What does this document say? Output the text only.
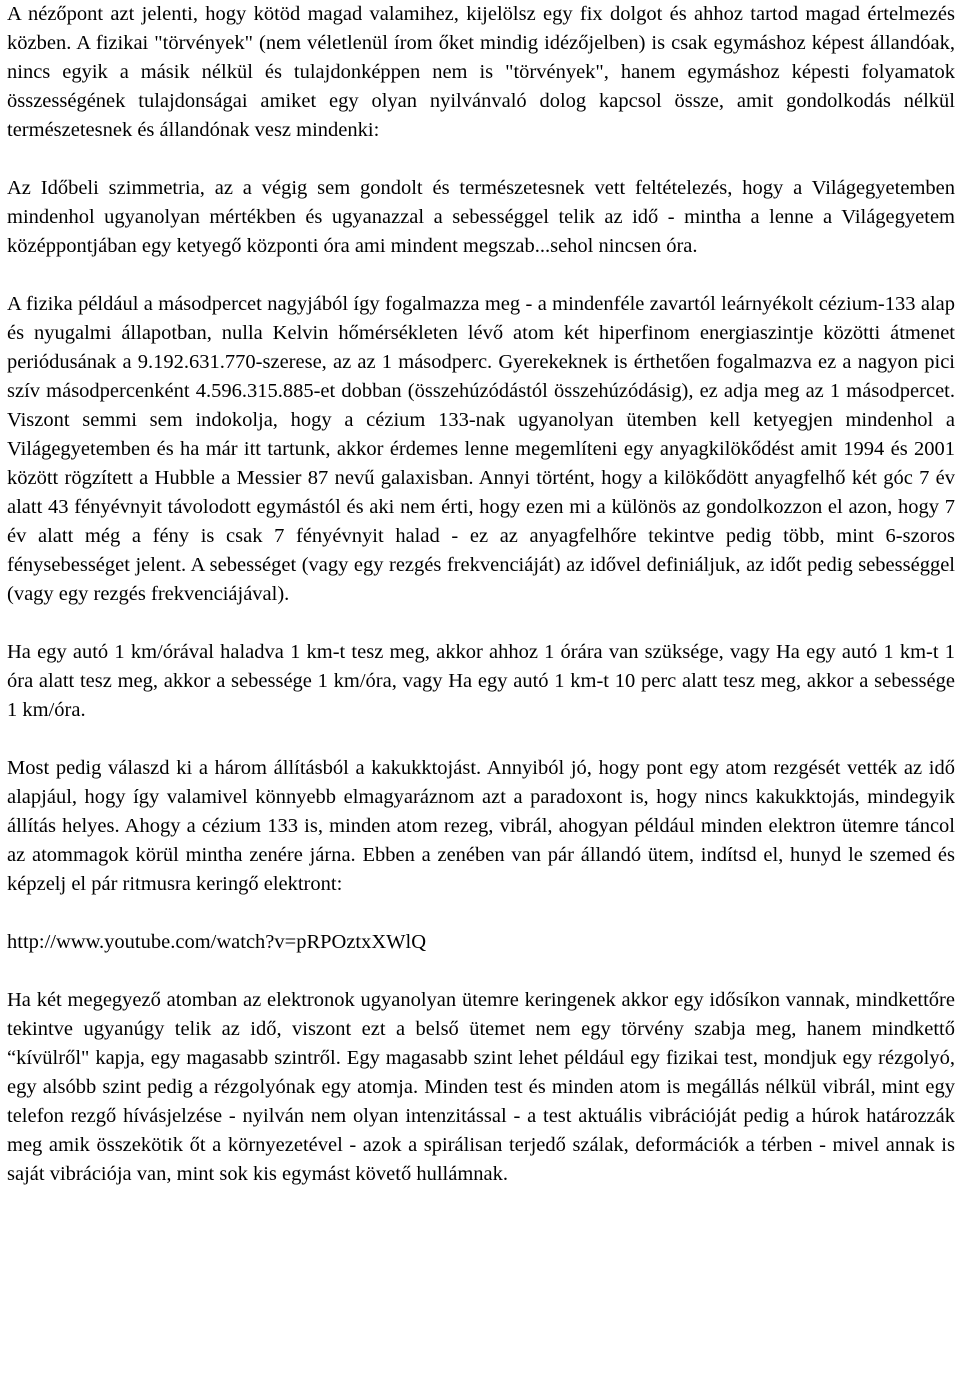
A nézőpont azt jelenti, hogy kötöd magad valamihez, kijelölsz egy fix dolgot és ahhoz tartod magad értelmezés közben. A fizikai "törvények" (nem véletlenül írom őket mindig idézőjelben) is csak egymáshoz képest állandóak, nincs egyik a másik nélkül és tulajdonképpen nem is "törvények", hanem egymáshoz képesti folyamatok összességének tulajdonságai amiket egy olyan nyilvánvaló dolog kapcsol össze, amit gondolkodás nélkül természetesnek és állandónak vesz mindenki:

Az Időbeli szimmetria, az a végig sem gondolt és természetesnek vett feltételezés, hogy a Világegyetemben mindenhol ugyanolyan mértékben és ugyanazzal a sebességgel telik az idő - mintha a lenne a Világegyetem középpontjában egy ketyegő központi óra ami mindent megszab...sehol nincsen óra.

A fizika például a másodpercet nagyjából így fogalmazza meg - a mindenféle zavartól leárnyékolt cézium-133 alap és nyugalmi állapotban, nulla Kelvin hőmérsékleten lévő atom két hiperfinom energiaszintje közötti átmenet periódusának a 9.192.631.770-szerese, az az 1 másodperc. Gyerekeknek is érthetően fogalmazva ez a nagyon pici szív másodpercenként 4.596.315.885-et dobban (összehúzódástól összehúzódásig), ez adja meg az 1 másodpercet. Viszont semmi sem indokolja, hogy a cézium 133-nak ugyanolyan ütemben kell ketyegjen mindenhol a Világegyetemben és ha már itt tartunk, akkor érdemes lenne megemlíteni egy anyagkilökődést amit 1994 és 2001 között rögzített a Hubble a Messier 87 nevű galaxisban. Annyi történt, hogy a kilökődött anyagfelhő két góc 7 év alatt 43 fényévnyit távolodott egymástól és aki nem érti, hogy ezen mi a különös az gondolkozzon el azon, hogy 7 év alatt még a fény is csak 7 fényévnyit halad - ez az anyagfelhőre tekintve pedig több, mint 6-szoros fénysebességet jelent. A sebességet (vagy egy rezgés frekvenciáját) az idővel definiáljuk, az időt pedig sebességgel (vagy egy rezgés frekvenciájával).

Ha egy autó 1 km/órával haladva 1 km-t tesz meg, akkor ahhoz 1 órára van szüksége, vagy Ha egy autó 1 km-t 1 óra alatt tesz meg, akkor a sebessége 1 km/óra, vagy Ha egy autó 1 km-t 10 perc alatt tesz meg, akkor a sebessége 1 km/óra.

Most pedig válaszd ki a három állításból a kakukktojást. Annyiból jó, hogy pont egy atom rezgését vették az idő alapjául, hogy így valamivel könnyebb elmagyaráznom azt a paradoxont is, hogy nincs kakukktojás, mindegyik állítás helyes. Ahogy a cézium 133 is, minden atom rezeg, vibrál, ahogyan például minden elektron ütemre táncol az atommagok körül mintha zenére járna. Ebben a zenében van pár állandó ütem, indítsd el, hunyd le szemed és képzelj el pár ritmusra keringő elektront:

http://www.youtube.com/watch?v=pRPOztxXWlQ

Ha két megegyező atomban az elektronok ugyanolyan ütemre keringenek akkor egy idősíkon vannak, mindkettőre tekintve ugyanúgy telik az idő, viszont ezt a belső ütemet nem egy törvény szabja meg, hanem mindkettő “kívülről" kapja, egy magasabb szintről. Egy magasabb szint lehet például egy fizikai test, mondjuk egy rézgolyó, egy alsóbb szint pedig a rézgolyónak egy atomja. Minden test és minden atom is megállás nélkül vibrál, mint egy telefon rezgő hívásjelzése - nyilván nem olyan intenzitással - a test aktuális vibrációját pedig a húrok határozzák meg amik összekötik őt a környezetével - azok a spirálisan terjedő szálak, deformációk a térben - mivel annak is saját vibrációja van, mint sok kis egymást követő hullámnak.
